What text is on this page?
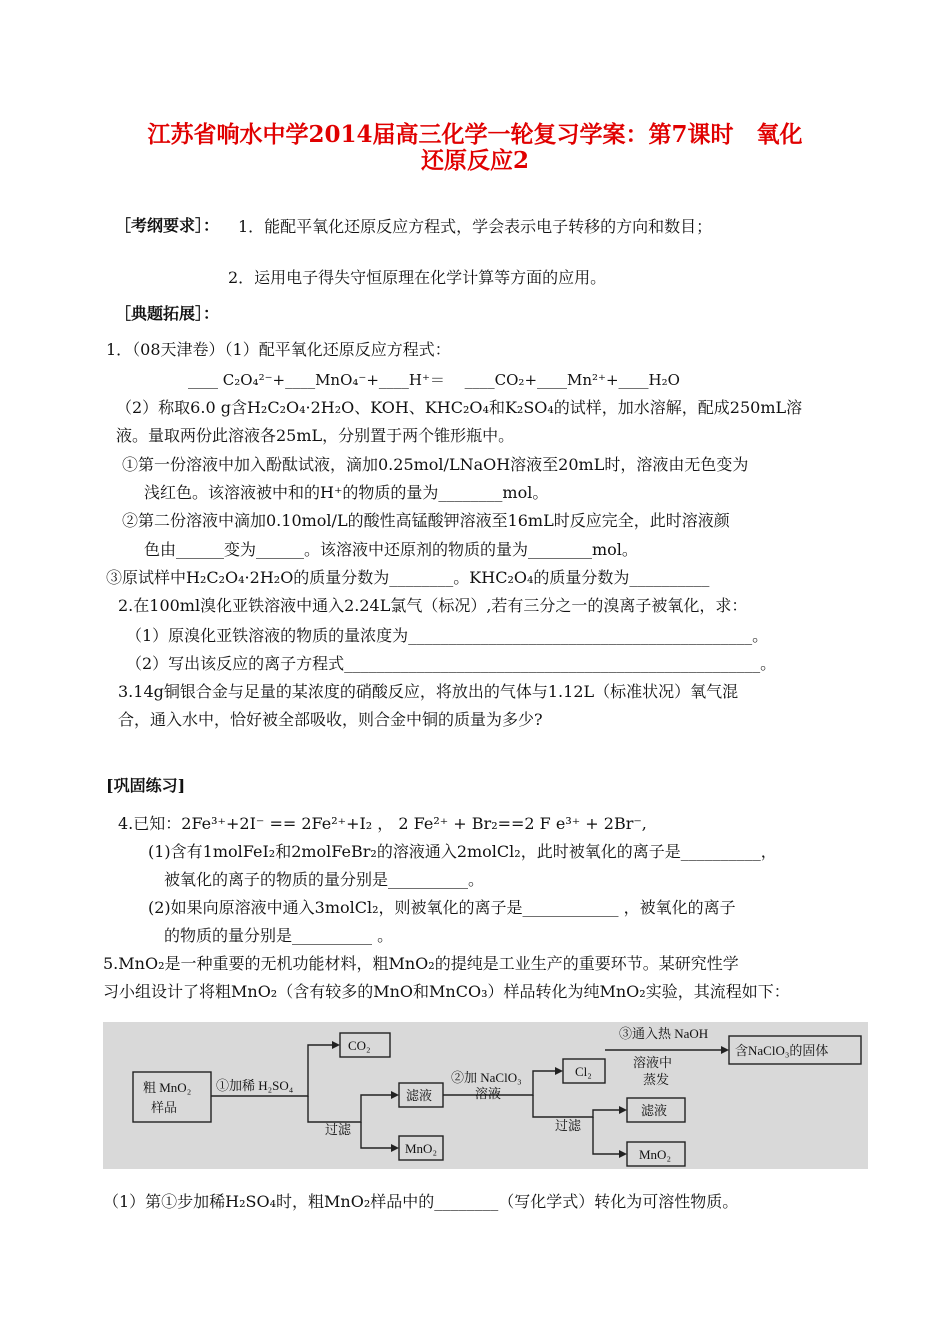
江苏省响水中学2014届高三化学一轮复习学案：第7课时　氧化
还原反应2
［考纲要求］： 1．能配平氧化还原反应方程式，学会表示电子转移的方向和数目；
2．运用电子得失守恒原理在化学计算等方面的应用。
［典题拓展］：
1．（08天津卷）（1）配平氧化还原反应方程式：
____ C₂O₄²⁻+____MnO₄⁻+____H⁺＝　 ____CO₂+____Mn²⁺+____H₂O
（2）称取6.0 g含H₂C₂O₄·2H₂O、KOH、KHC₂O₄和K₂SO₄的试样，加水溶解，配成250mL溶
液。量取两份此溶液各25mL，分别置于两个锥形瓶中。
①第一份溶液中加入酚酞试液，滴加0.25mol/LNaOH溶液至20mL时，溶液由无色变为
浅红色。该溶液被中和的H⁺的物质的量为________mol。
②第二份溶液中滴加0.10mol/L的酸性高锰酸钾溶液至16mL时反应完全，此时溶液颜
色由______变为______。该溶液中还原剂的物质的量为________mol。
③原试样中H₂C₂O₄·2H₂O的质量分数为________。KHC₂O₄的质量分数为__________
2.在100ml溴化亚铁溶液中通入2.24L氯气（标况）,若有三分之一的溴离子被氧化，求：
（1）原溴化亚铁溶液的物质的量浓度为___________________________________________。
（2）写出该反应的离子方程式____________________________________________________。
3.14g铜银合金与足量的某浓度的硝酸反应，将放出的气体与1.12L（标准状况）氧气混
合，通入水中，恰好被全部吸收，则合金中铜的质量为多少?
[巩固练习]
4.已知：2Fe³⁺+2I⁻ == 2Fe²⁺+I₂ ， 2 Fe²⁺ + Br₂==2 F e³⁺ + 2Br⁻,
(1)含有1molFeI₂和2molFeBr₂的溶液通入2molCl₂，此时被氧化的离子是__________，
被氧化的离子的物质的量分别是__________。
(2)如果向原溶液中通入3molCl₂，则被氧化的离子是____________ ，被氧化的离子
的物质的量分别是__________ 。
5.MnO₂是一种重要的无机功能材料，粗MnO₂的提纯是工业生产的重要环节。某研究性学
习小组设计了将粗MnO₂（含有较多的MnO和MnCO₃）样品转化为纯MnO₂实验，其流程如下：
粗 MnO₂
样品
①加稀 H₂SO₄
CO₂
过滤
滤液
MnO₂
②加 NaClO₃
溶液
Cl₂
③通入热 NaOH
溶液中
蒸发
含NaClO₃的固体
过滤
滤液
MnO₂
（1）第①步加稀H₂SO₄时，粗MnO₂样品中的________（写化学式）转化为可溶性物质。
